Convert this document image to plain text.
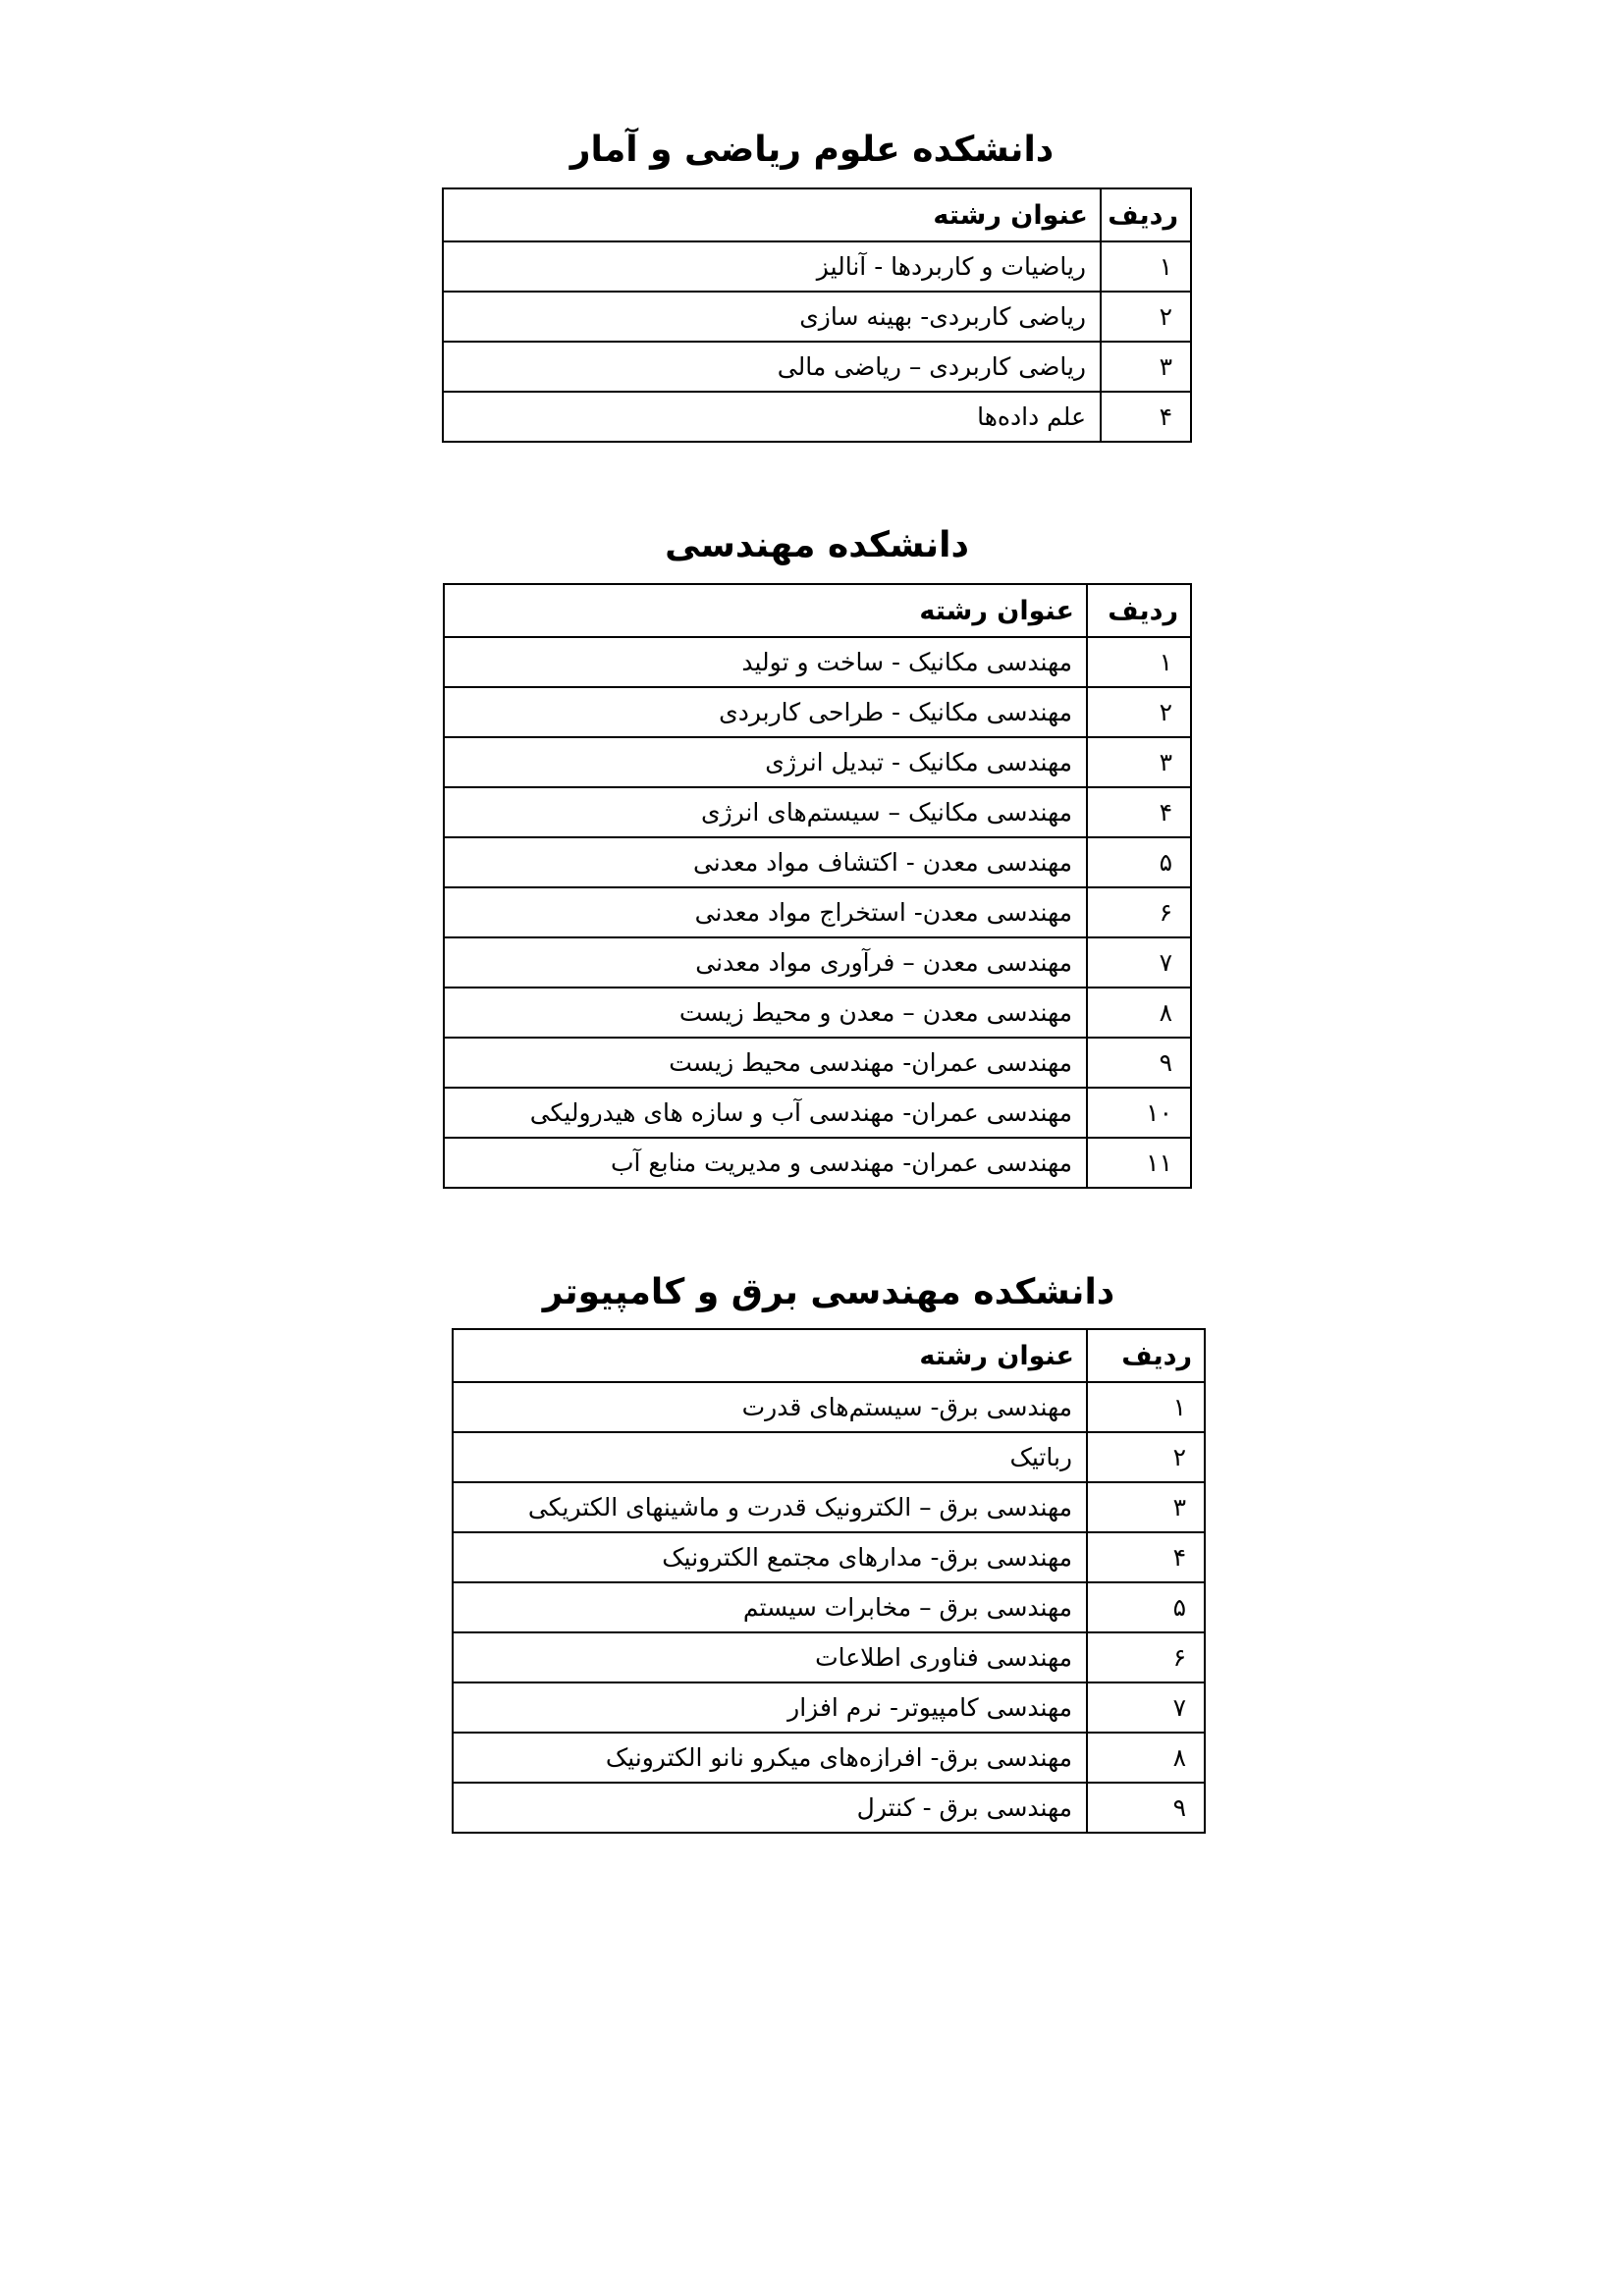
دانشکده علوم ریاضی و آمار
ردیف	عنوان رشته
۱	ریاضیات و کاربردها - آنالیز
۲	ریاضی کاربردی- بهینه سازی
۳	ریاضی کاربردی – ریاضی مالی
۴	علم داده‌ها
دانشکده مهندسی
ردیف	عنوان رشته
۱	مهندسی مکانیک - ساخت و تولید
۲	مهندسی مکانیک - طراحی کاربردی
۳	مهندسی مکانیک - تبدیل انرژی
۴	مهندسی مکانیک – سیستم‌های انرژی
۵	مهندسی معدن - اکتشاف مواد معدنی
۶	مهندسی معدن- استخراج مواد معدنی
۷	مهندسی معدن – فرآوری مواد معدنی
۸	مهندسی معدن – معدن و محیط زیست
۹	مهندسی عمران- مهندسی محیط زیست
۱۰	مهندسی عمران- مهندسی آب و سازه های هیدرولیکی
۱۱	مهندسی عمران- مهندسی و مدیریت منابع آب
دانشکده مهندسی برق و کامپیوتر
ردیف	عنوان رشته
۱	مهندسی برق- سیستم‌های قدرت
۲	رباتیک
۳	مهندسی برق – الکترونیک قدرت و ماشینهای الکتریکی
۴	مهندسی برق- مدارهای مجتمع الکترونیک
۵	مهندسی برق – مخابرات سیستم
۶	مهندسی فناوری اطلاعات
۷	مهندسی کامپیوتر- نرم افزار
۸	مهندسی برق- افرازه‌های میکرو نانو الکترونیک
۹	مهندسی برق - کنترل
